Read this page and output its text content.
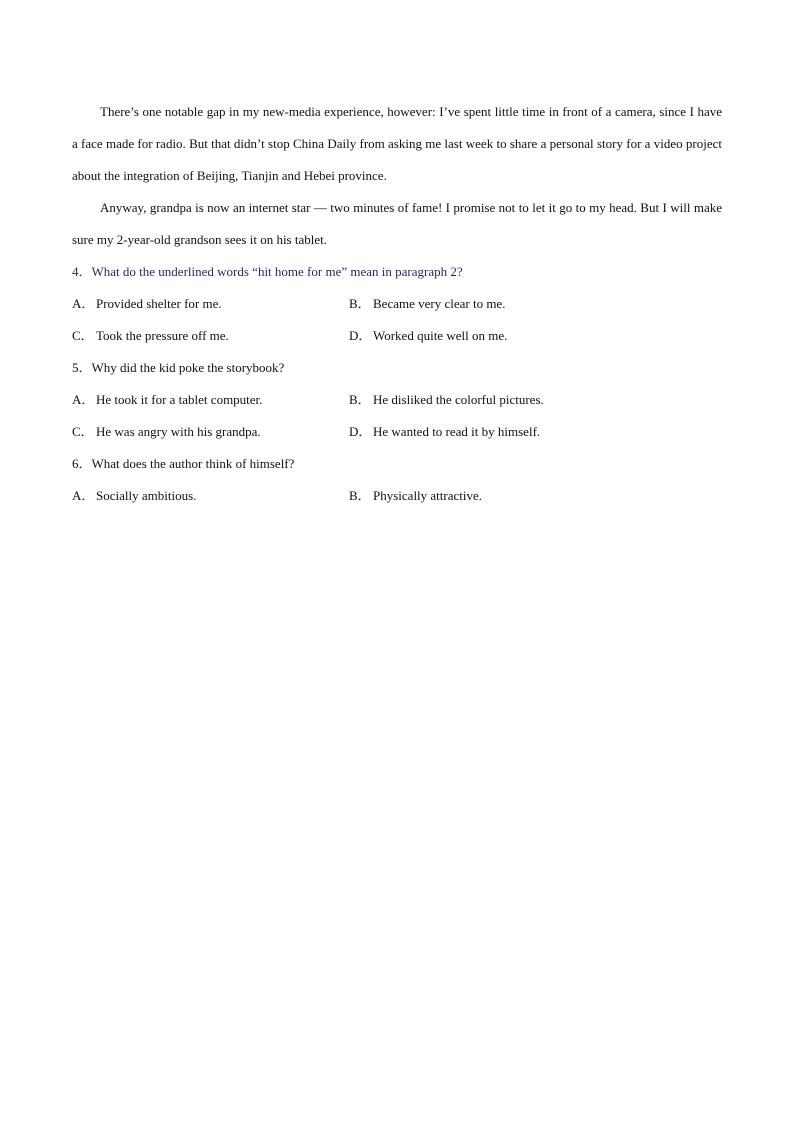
There’s one notable gap in my new-media experience, however: I’ve spent little time in front of a camera, since I have a face made for radio. But that didn’t stop China Daily from asking me last week to share a personal story for a video project about the integration of Beijing, Tianjin and Hebei province.

Anyway, grandpa is now an internet star — two minutes of fame! I promise not to let it go to my head. But I will make sure my 2-year-old grandson sees it on his tablet.

4．What do the underlined words “hit home for me” mean in paragraph 2?
A． Provided shelter for me.	B． Became very clear to me.
C． Took the pressure off me.	D． Worked quite well on me.
5．Why did the kid poke the storybook?
A． He took it for a tablet computer.	B． He disliked the colorful pictures.
C． He was angry with his grandpa.	D． He wanted to read it by himself.
6．What does the author think of himself?
A． Socially ambitious.	B． Physically attractive.
